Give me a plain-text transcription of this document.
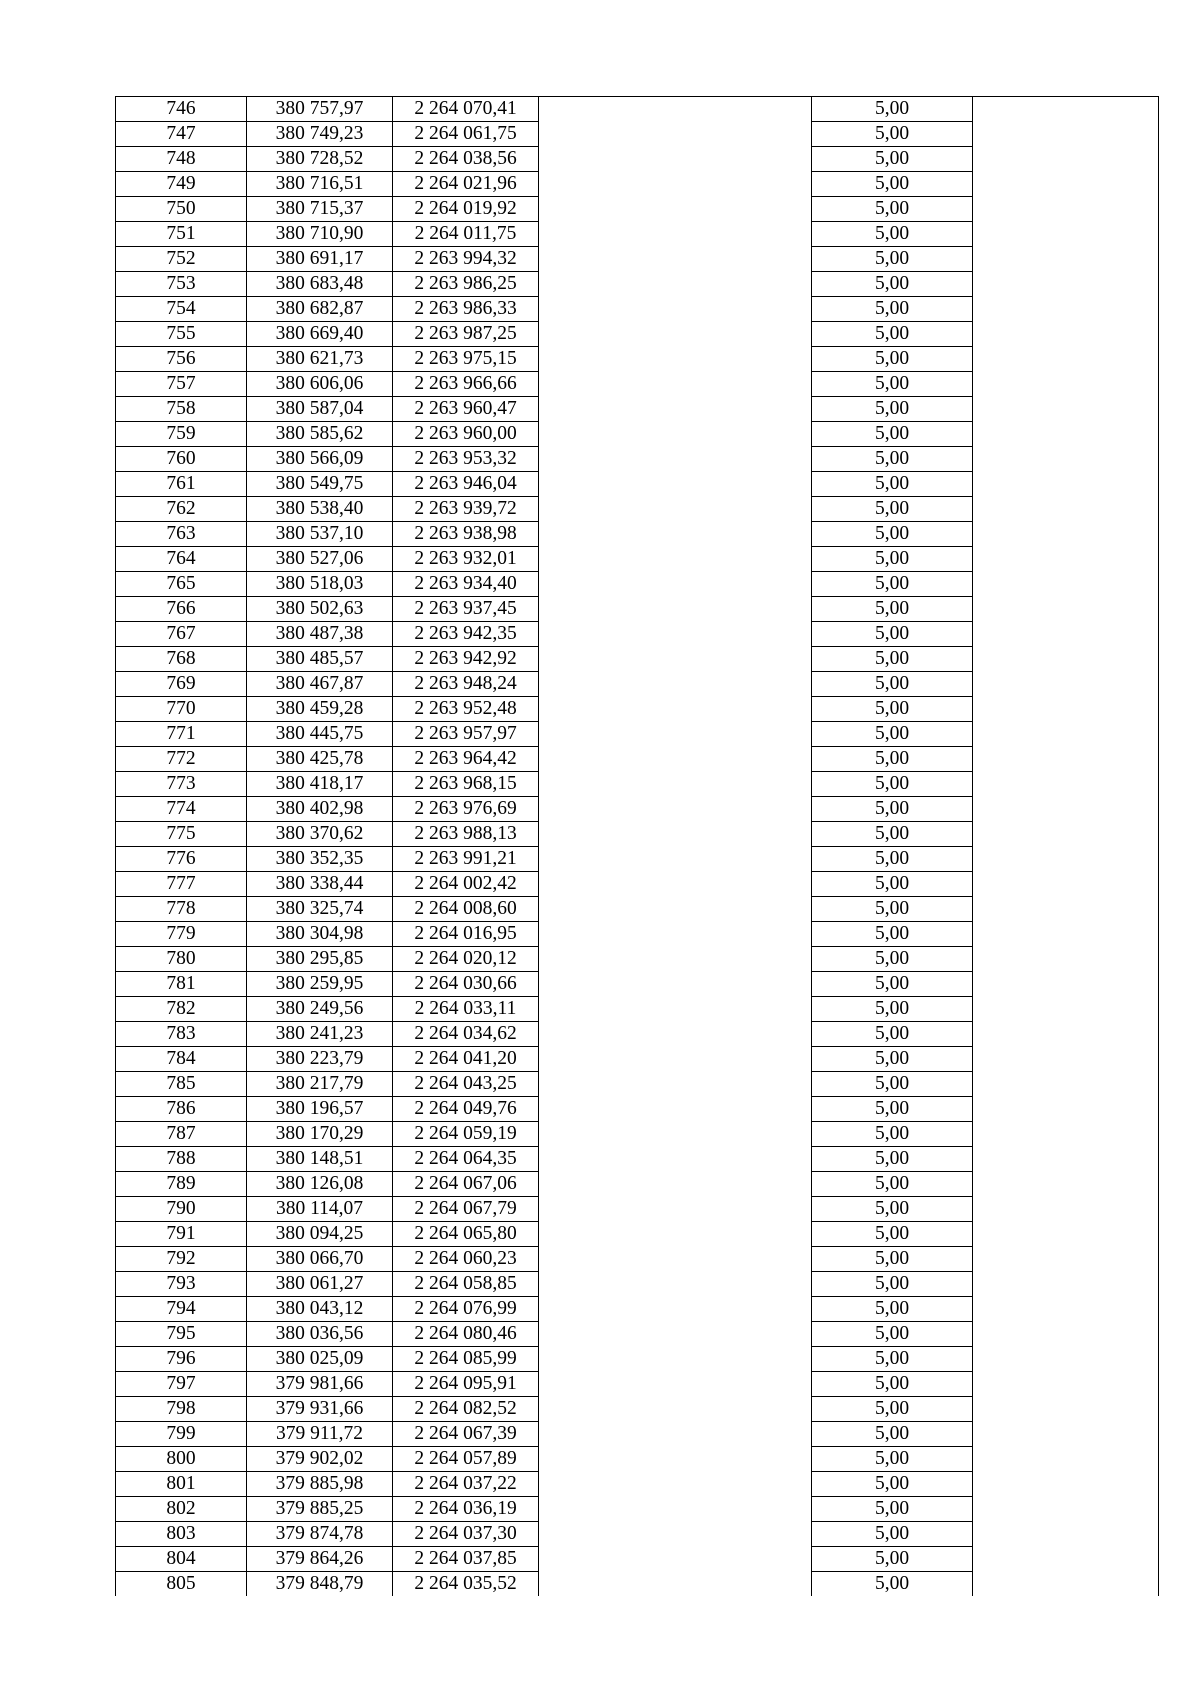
746	380 757,97	2 264 070,41		5,00	
747	380 749,23	2 264 061,75		5,00	
748	380 728,52	2 264 038,56		5,00	
749	380 716,51	2 264 021,96		5,00	
750	380 715,37	2 264 019,92		5,00	
751	380 710,90	2 264 011,75		5,00	
752	380 691,17	2 263 994,32		5,00	
753	380 683,48	2 263 986,25		5,00	
754	380 682,87	2 263 986,33		5,00	
755	380 669,40	2 263 987,25		5,00	
756	380 621,73	2 263 975,15		5,00	
757	380 606,06	2 263 966,66		5,00	
758	380 587,04	2 263 960,47		5,00	
759	380 585,62	2 263 960,00		5,00	
760	380 566,09	2 263 953,32		5,00	
761	380 549,75	2 263 946,04		5,00	
762	380 538,40	2 263 939,72		5,00	
763	380 537,10	2 263 938,98		5,00	
764	380 527,06	2 263 932,01		5,00	
765	380 518,03	2 263 934,40		5,00	
766	380 502,63	2 263 937,45		5,00	
767	380 487,38	2 263 942,35		5,00	
768	380 485,57	2 263 942,92		5,00	
769	380 467,87	2 263 948,24		5,00	
770	380 459,28	2 263 952,48		5,00	
771	380 445,75	2 263 957,97		5,00	
772	380 425,78	2 263 964,42		5,00	
773	380 418,17	2 263 968,15		5,00	
774	380 402,98	2 263 976,69		5,00	
775	380 370,62	2 263 988,13		5,00	
776	380 352,35	2 263 991,21		5,00	
777	380 338,44	2 264 002,42		5,00	
778	380 325,74	2 264 008,60		5,00	
779	380 304,98	2 264 016,95		5,00	
780	380 295,85	2 264 020,12		5,00	
781	380 259,95	2 264 030,66		5,00	
782	380 249,56	2 264 033,11		5,00	
783	380 241,23	2 264 034,62		5,00	
784	380 223,79	2 264 041,20		5,00	
785	380 217,79	2 264 043,25		5,00	
786	380 196,57	2 264 049,76		5,00	
787	380 170,29	2 264 059,19		5,00	
788	380 148,51	2 264 064,35		5,00	
789	380 126,08	2 264 067,06		5,00	
790	380 114,07	2 264 067,79		5,00	
791	380 094,25	2 264 065,80		5,00	
792	380 066,70	2 264 060,23		5,00	
793	380 061,27	2 264 058,85		5,00	
794	380 043,12	2 264 076,99		5,00	
795	380 036,56	2 264 080,46		5,00	
796	380 025,09	2 264 085,99		5,00	
797	379 981,66	2 264 095,91		5,00	
798	379 931,66	2 264 082,52		5,00	
799	379 911,72	2 264 067,39		5,00	
800	379 902,02	2 264 057,89		5,00	
801	379 885,98	2 264 037,22		5,00	
802	379 885,25	2 264 036,19		5,00	
803	379 874,78	2 264 037,30		5,00	
804	379 864,26	2 264 037,85		5,00	
805	379 848,79	2 264 035,52		5,00	
